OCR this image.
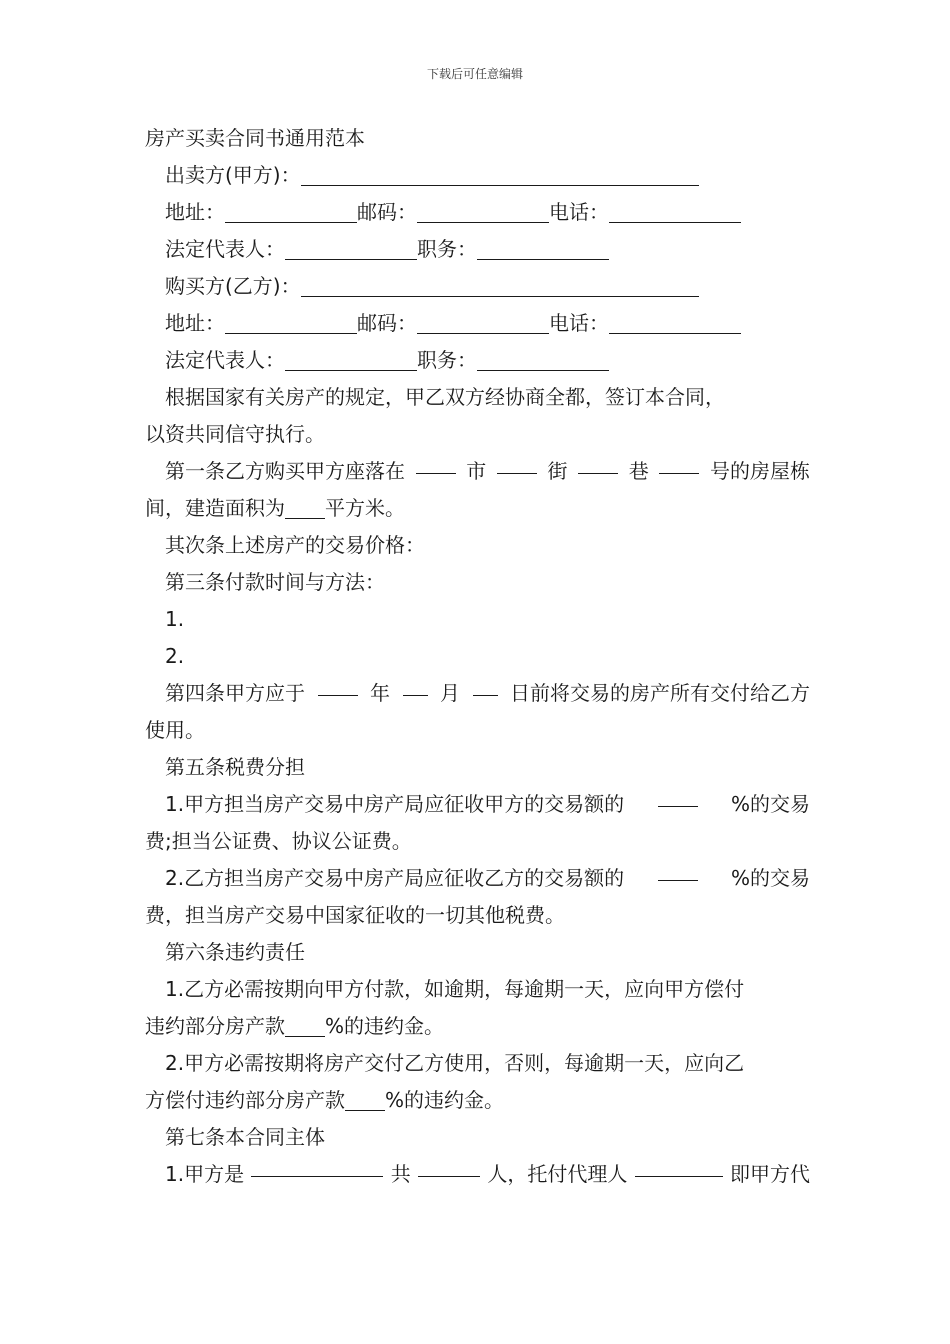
下载后可任意编辑
房产买卖合同书通用范本
出卖方(甲方)：
地址：	邮码：	电话：
法定代表人：	职务：
购买方(乙方)：
地址：	邮码：	电话：
法定代表人：	职务：
根据国家有关房产的规定，甲乙双方经协商全都，签订本合同，
以资共同信守执行。
第一条乙方购买甲方座落在	市	街	巷	号的房屋栋
间，建造面积为 平方米。
其次条上述房产的交易价格：
第三条付款时间与方法：
1.
2.
第四条甲方应于	年	月	日前将交易的房产所有交付给乙方
使用。
第五条税费分担
1.甲方担当房产交易中房产局应征收甲方的交易额的	%的交易
费;担当公证费、协议公证费。
2.乙方担当房产交易中房产局应征收乙方的交易额的	%的交易
费，担当房产交易中国家征收的一切其他税费。
第六条违约责任
1.乙方必需按期向甲方付款，如逾期，每逾期一天，应向甲方偿付
违约部分房产款 %的违约金。
2.甲方必需按期将房产交付乙方使用，否则，每逾期一天，应向乙
方偿付违约部分房产款 %的违约金。
第七条本合同主体
1.甲方是	共	人，托付代理人	即甲方代
